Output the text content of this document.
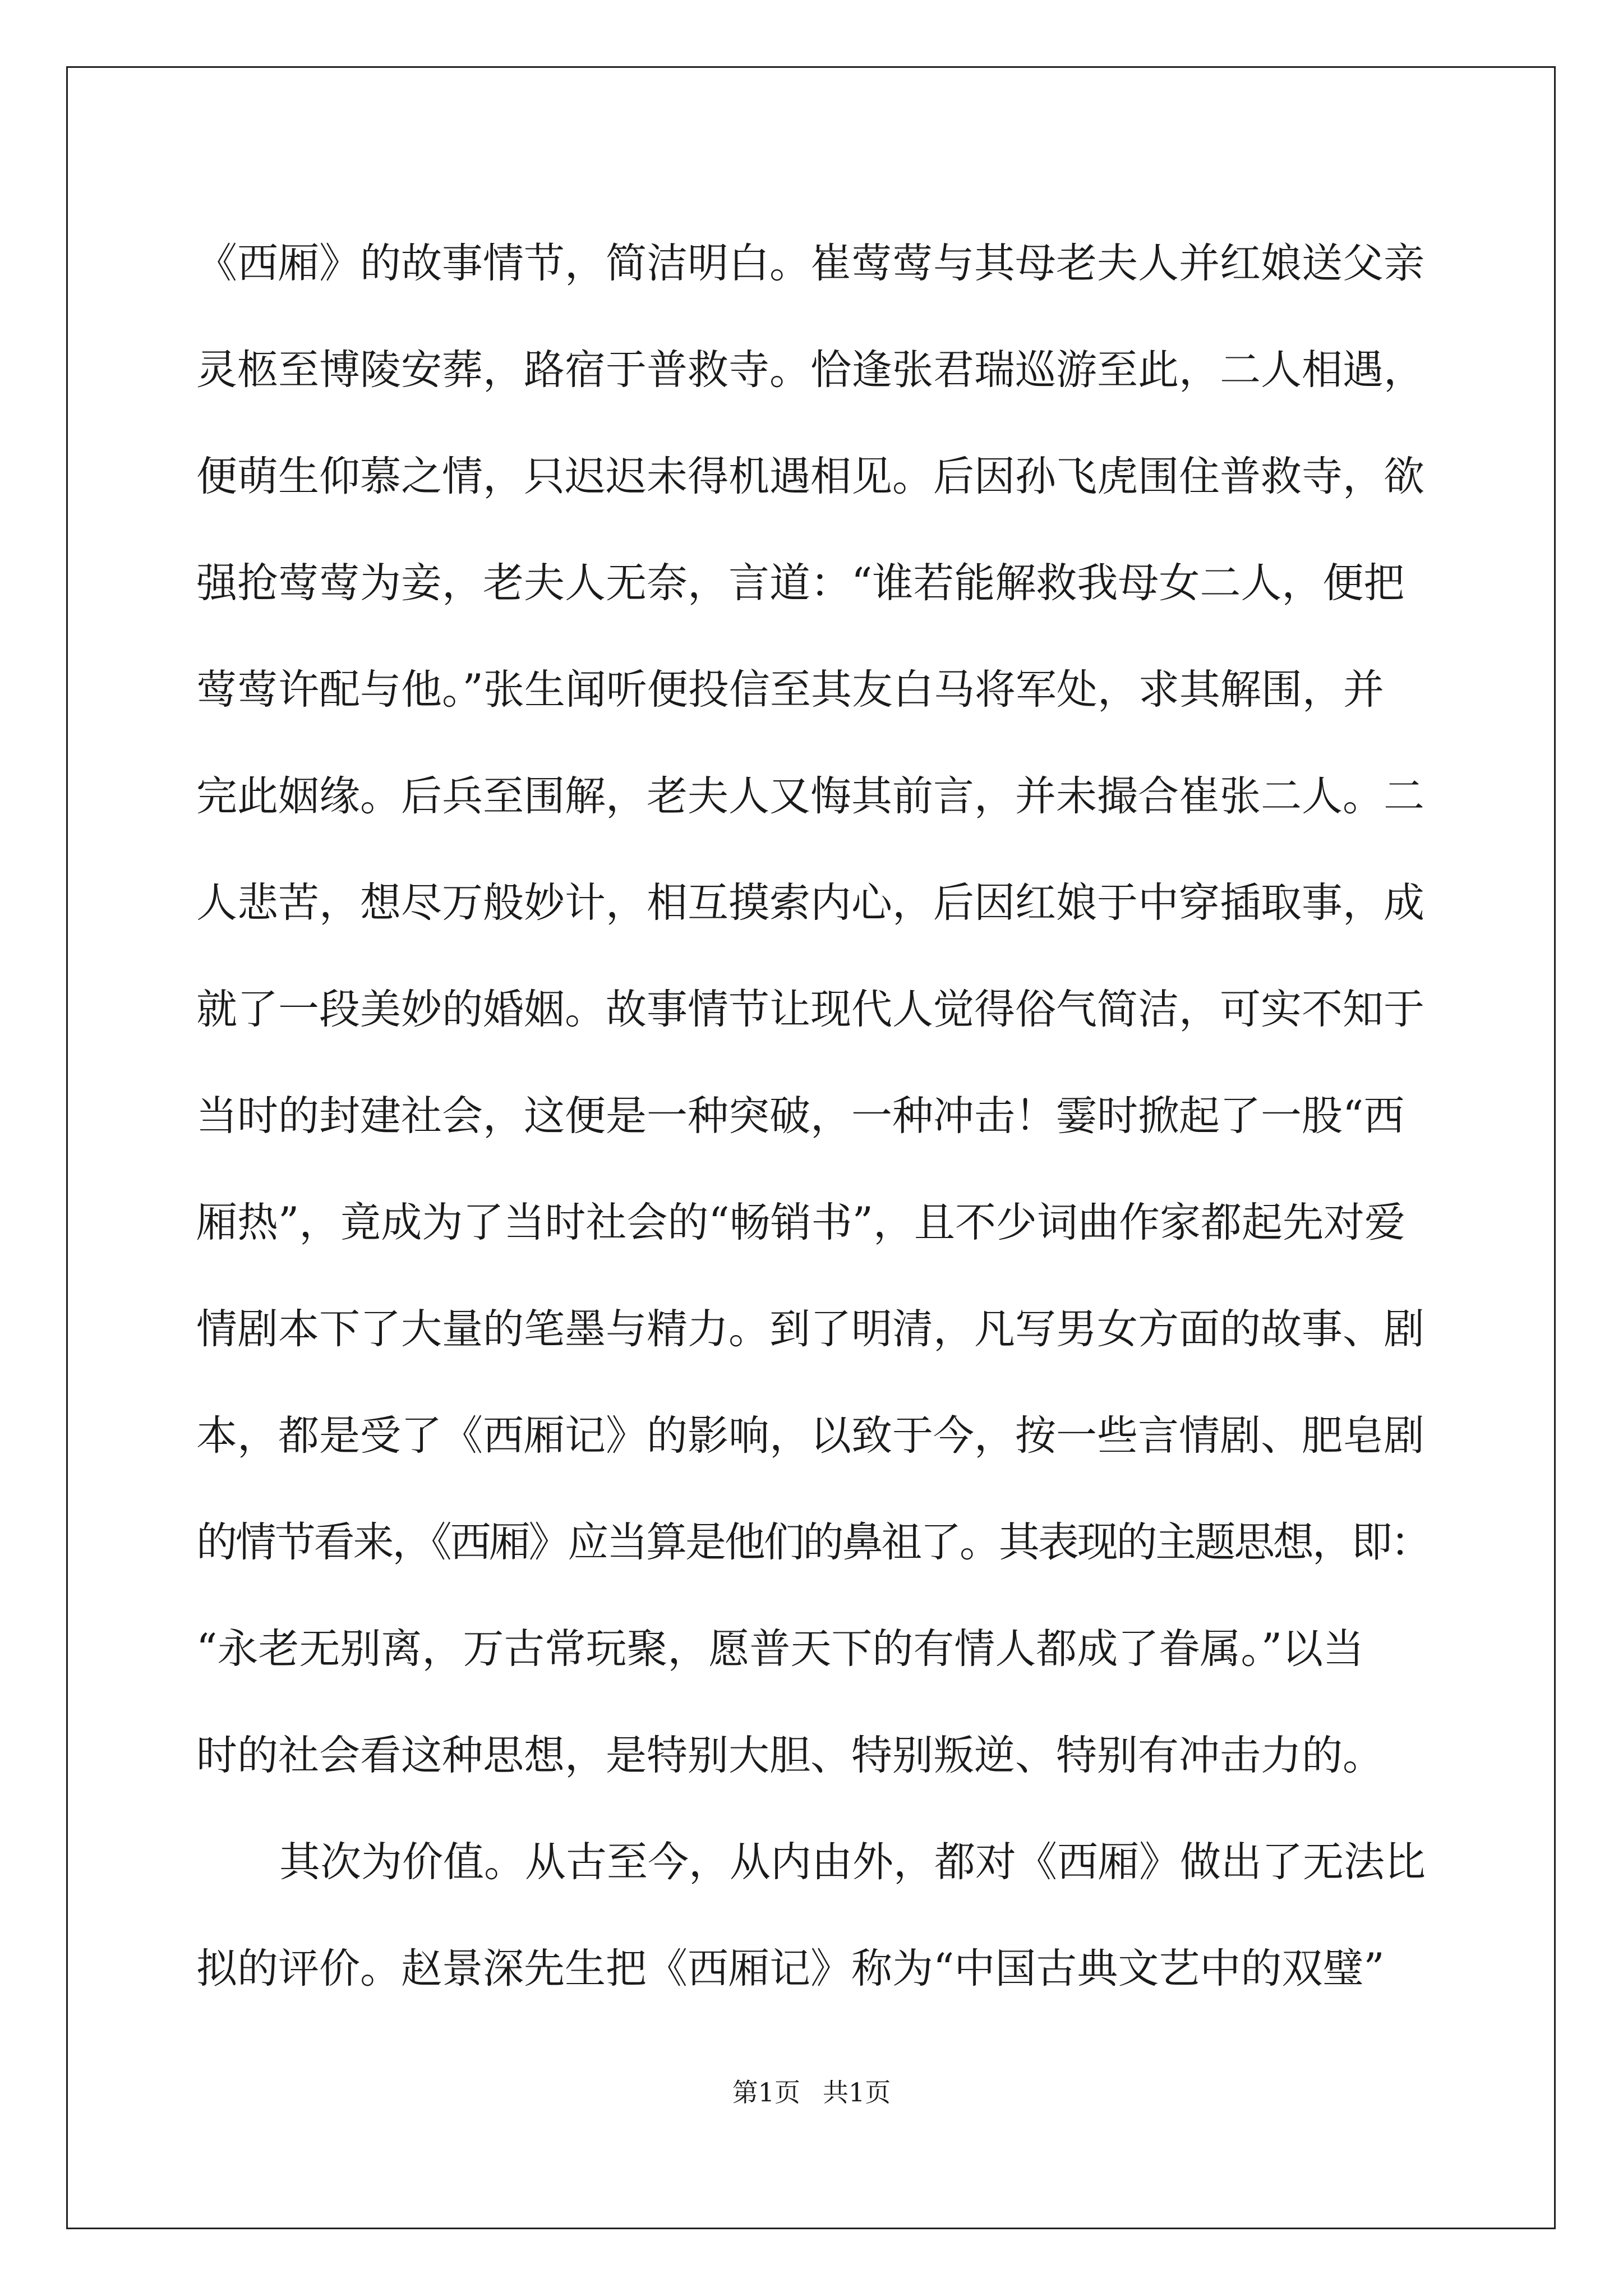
《西厢》的故事情节，简洁明白。崔莺莺与其母老夫人并红娘送父亲
灵柩至博陵安葬，路宿于普救寺。恰逢张君瑞巡游至此，二人相遇，
便萌生仰慕之情，只迟迟未得机遇相见。后因孙飞虎围住普救寺，欲
强抢莺莺为妾，老夫人无奈，言道：“谁若能解救我母女二人，便把
莺莺许配与他。”张生闻听便投信至其友白马将军处，求其解围，并
完此姻缘。后兵至围解，老夫人又悔其前言，并未撮合崔张二人。二
人悲苦，想尽万般妙计，相互摸索内心，后因红娘于中穿插取事，成
就了一段美妙的婚姻。故事情节让现代人觉得俗气简洁，可实不知于
当时的封建社会，这便是一种突破，一种冲击！霎时掀起了一股“西
厢热”，竟成为了当时社会的“畅销书”，且不少词曲作家都起先对爱
情剧本下了大量的笔墨与精力。到了明清，凡写男女方面的故事、剧
本，都是受了《西厢记》的影响，以致于今，按一些言情剧、肥皂剧
的情节看来，《西厢》应当算是他们的鼻祖了。其表现的主题思想，即：
“永老无别离，万古常玩聚，愿普天下的有情人都成了眷属。”以当
时的社会看这种思想，是特别大胆、特别叛逆、特别有冲击力的。
其次为价值。从古至今，从内由外，都对《西厢》做出了无法比
拟的评价。赵景深先生把《西厢记》称为“中国古典文艺中的双璧”
第1页 共1页
